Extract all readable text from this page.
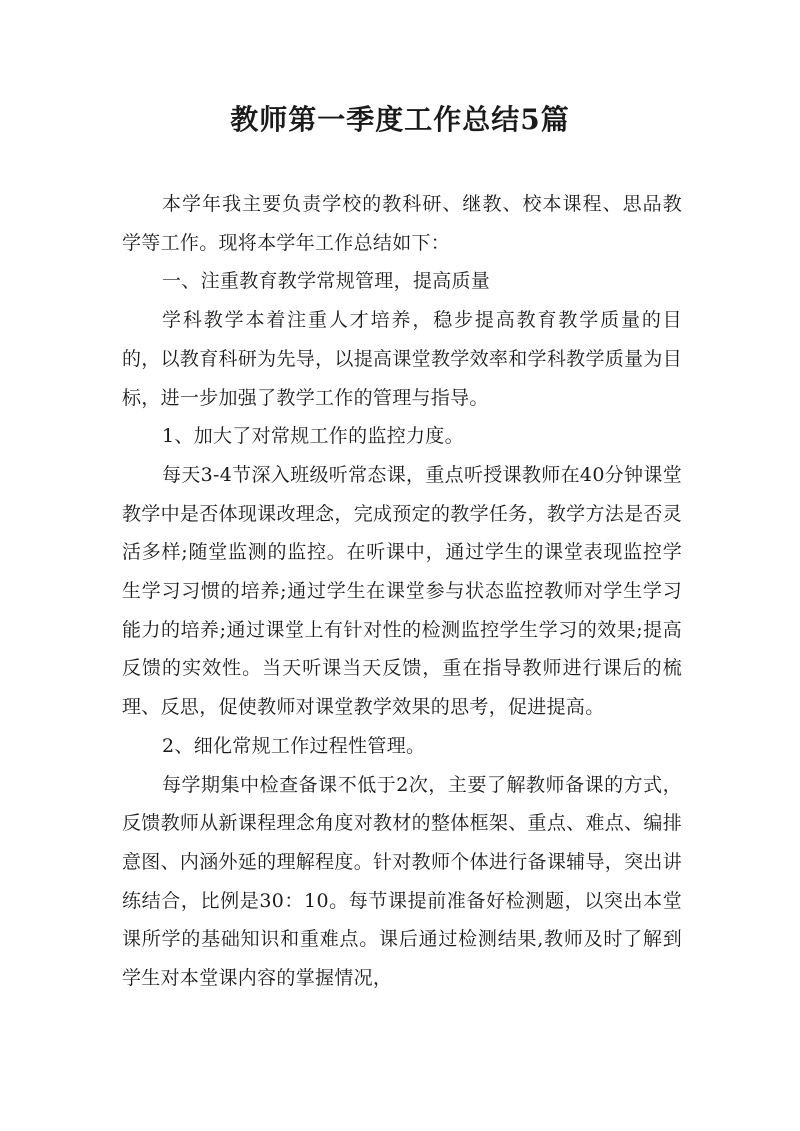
教师第一季度工作总结5篇

本学年我主要负责学校的教科研、继教、校本课程、思品教学等工作。现将本学年工作总结如下：

一、注重教育教学常规管理，提高质量

学科教学本着注重人才培养，稳步提高教育教学质量的目的，以教育科研为先导，以提高课堂教学效率和学科教学质量为目标，进一步加强了教学工作的管理与指导。

1、加大了对常规工作的监控力度。

每天3-4节深入班级听常态课，重点听授课教师在40分钟课堂教学中是否体现课改理念，完成预定的教学任务，教学方法是否灵活多样;随堂监测的监控。在听课中，通过学生的课堂表现监控学生学习习惯的培养;通过学生在课堂参与状态监控教师对学生学习能力的培养;通过课堂上有针对性的检测监控学生学习的效果;提高反馈的实效性。当天听课当天反馈，重在指导教师进行课后的梳理、反思，促使教师对课堂教学效果的思考，促进提高。

2、细化常规工作过程性管理。

每学期集中检查备课不低于2次，主要了解教师备课的方式，反馈教师从新课程理念角度对教材的整体框架、重点、难点、编排意图、内涵外延的理解程度。针对教师个体进行备课辅导，突出讲练结合，比例是30：10。每节课提前准备好检测题，以突出本堂课所学的基础知识和重难点。课后通过检测结果,教师及时了解到学生对本堂课内容的掌握情况，
